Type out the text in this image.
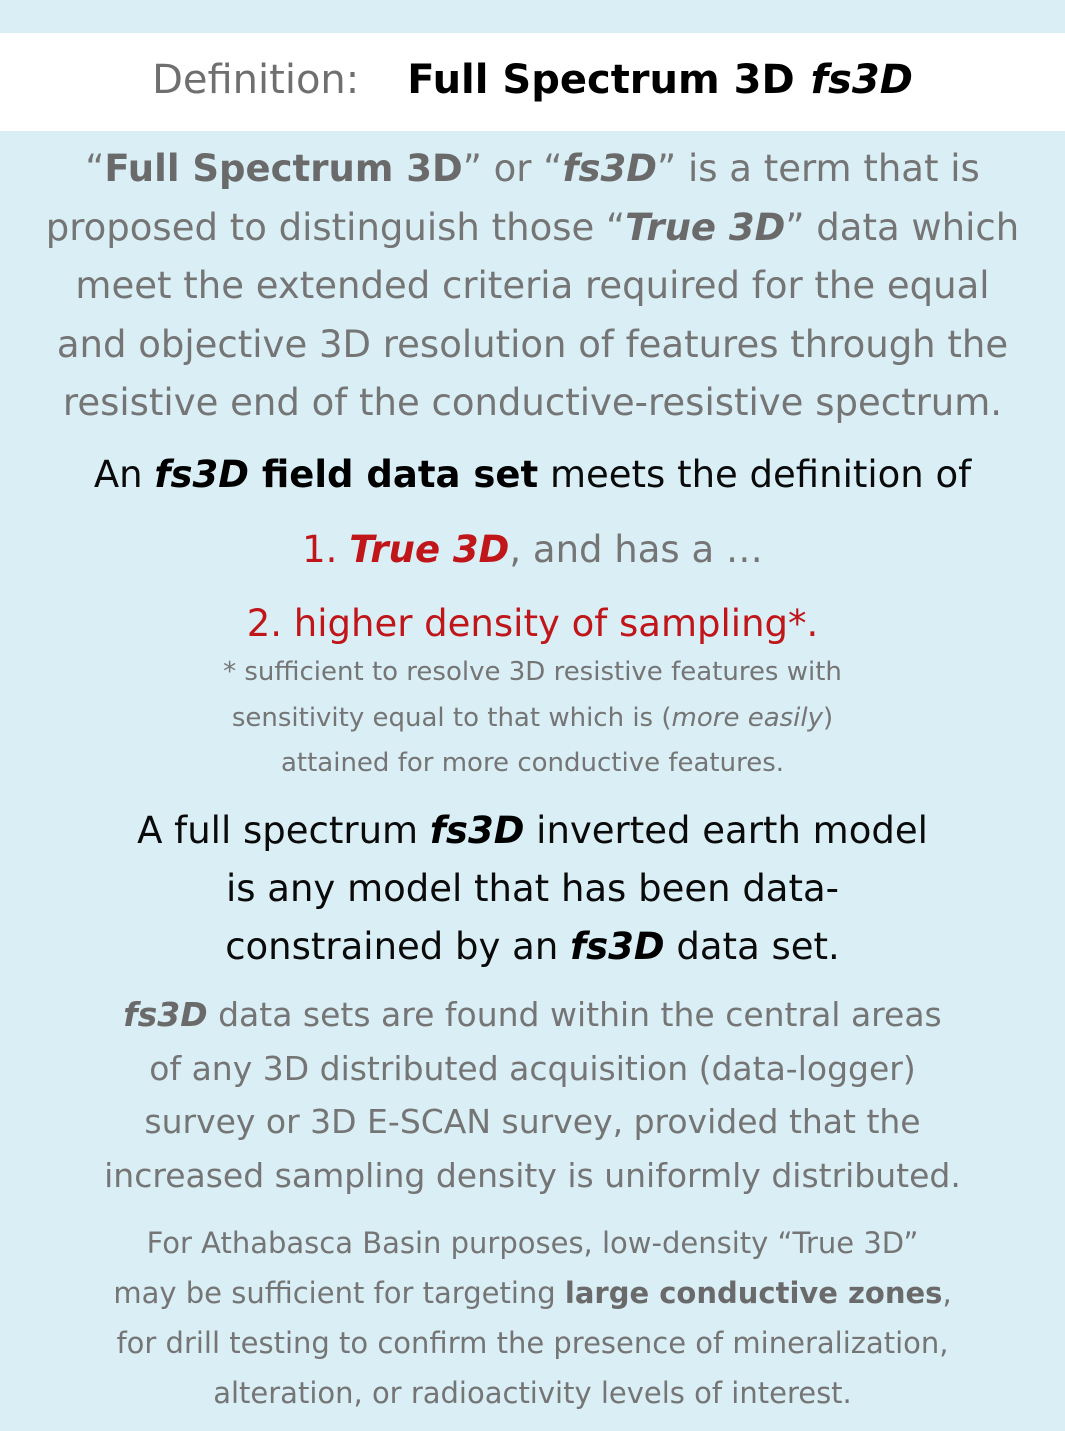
Definition: Full Spectrum 3D fs3D
“Full Spectrum 3D” or “fs3D” is a term that is
proposed to distinguish those “True 3D” data which
meet the extended criteria required for the equal
and objective 3D resolution of features through the
resistive end of the conductive-resistive spectrum.
An fs3D field data set meets the definition of
1. True 3D, and has a …
2. higher density of sampling*.
* sufficient to resolve 3D resistive features with
sensitivity equal to that which is (more easily)
attained for more conductive features.
A full spectrum fs3D inverted earth model
is any model that has been data-
constrained by an fs3D data set.
fs3D data sets are found within the central areas
of any 3D distributed acquisition (data-logger)
survey or 3D E-SCAN survey, provided that the
increased sampling density is uniformly distributed.
For Athabasca Basin purposes, low-density “True 3D”
may be sufficient for targeting large conductive zones,
for drill testing to confirm the presence of mineralization,
alteration, or radioactivity levels of interest.
